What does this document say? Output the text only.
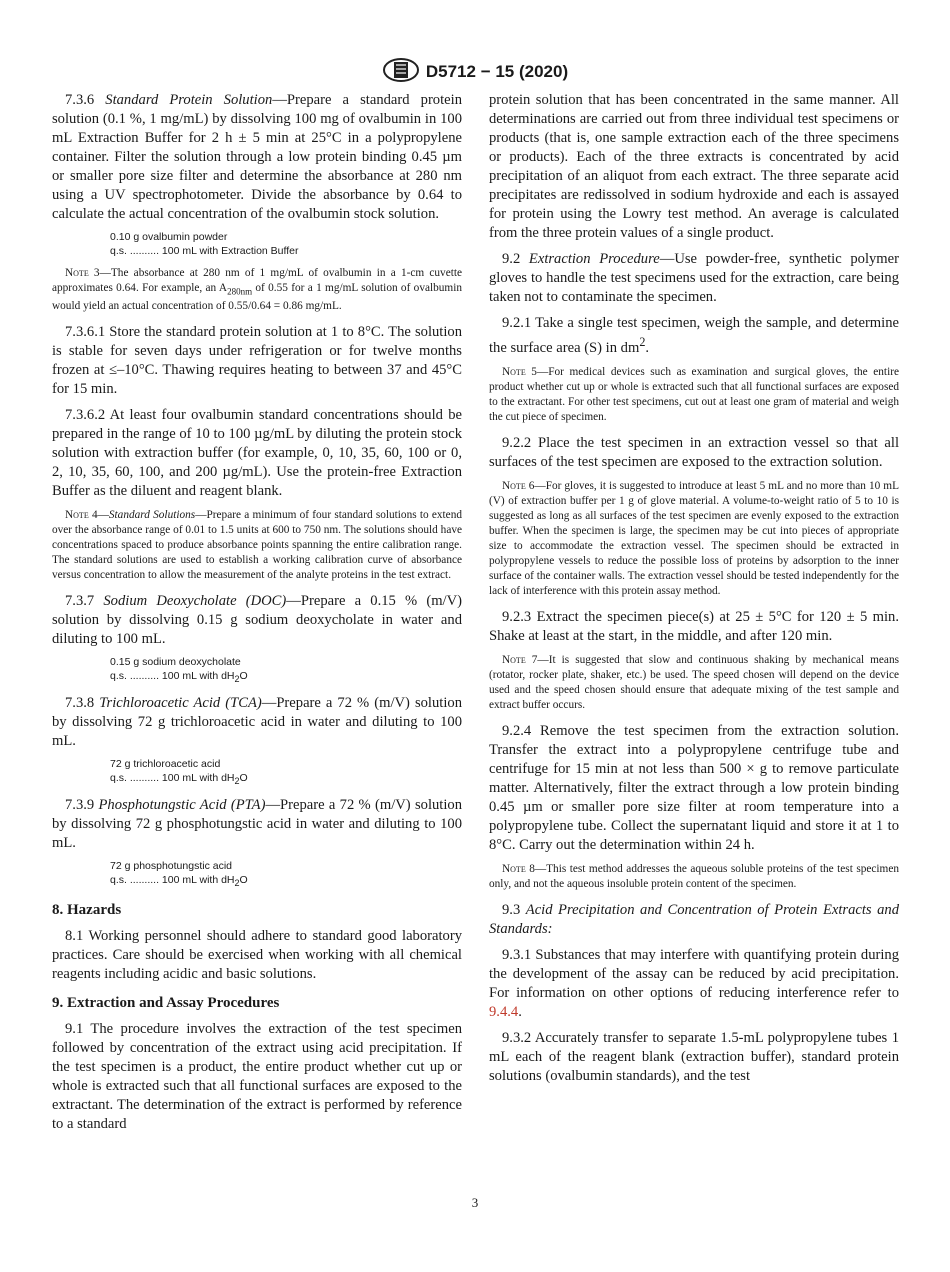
D5712 − 15 (2020)

7.3.6 Standard Protein Solution—Prepare a standard protein solution (0.1 %, 1 mg/mL) by dissolving 100 mg of ovalbumin in 100 mL Extraction Buffer for 2 h ± 5 min at 25°C in a polypropylene container. Filter the solution through a low protein binding 0.45 µm or smaller pore size filter and determine the absorbance at 280 nm using a UV spectrophotometer. Divide the absorbance by 0.64 to calculate the actual concentration of the ovalbumin stock solution.

0.10 g ovalbumin powder
q.s. .......... 100 mL with Extraction Buffer
Note 3—The absorbance at 280 nm of 1 mg/mL of ovalbumin in a 1-cm cuvette approximates 0.64. For example, an $A_{280nm}$ of 0.55 for a 1 mg/mL solution of ovalbumin would yield an actual concentration of 0.55/0.64 = 0.86 mg/mL.

7.3.6.1 Store the standard protein solution at 1 to 8°C. The solution is stable for seven days under refrigeration or for twelve months frozen at ≤–10°C. Thawing requires heating to between 37 and 45°C for 15 min.

7.3.6.2 At least four ovalbumin standard concentrations should be prepared in the range of 10 to 100 µg/mL by diluting the protein stock solution with extraction buffer (for example, 0, 10, 35, 60, 100 or 0, 2, 10, 35, 60, 100, and 200 µg/mL). Use the protein-free Extraction Buffer as the diluent and reagent blank.

Note 4—Standard Solutions—Prepare a minimum of four standard solutions to extend over the absorbance range of 0.01 to 1.5 units at 600 to 750 nm. The solutions should have concentrations spaced to produce absorbance points spanning the entire calibration range. The standard solutions are used to establish a working calibration curve of absorbance versus concentration to allow the measurement of the analyte proteins in the test extract.

7.3.7 Sodium Deoxycholate (DOC)—Prepare a 0.15 % (m/V) solution by dissolving 0.15 g sodium deoxycholate in water and diluting to 100 mL.

0.15 g sodium deoxycholate
q.s. .......... 100 mL with $dH_2O$

7.3.8 Trichloroacetic Acid (TCA)—Prepare a 72 % (m/V) solution by dissolving 72 g trichloroacetic acid in water and diluting to 100 mL.

72 g trichloroacetic acid
q.s. .......... 100 mL with $dH_2O$

7.3.9 Phosphotungstic Acid (PTA)—Prepare a 72 % (m/V) solution by dissolving 72 g phosphotungstic acid in water and diluting to 100 mL.

72 g phosphotungstic acid
q.s. .......... 100 mL with $dH_2O$
8. Hazards

8.1 Working personnel should adhere to standard good laboratory practices. Care should be exercised when working with all chemical reagents including acidic and basic solutions.

9. Extraction and Assay Procedures

9.1 The procedure involves the extraction of the test specimen followed by concentration of the extract using acid precipitation. If the test specimen is a product, the entire product whether cut up or whole is extracted such that all functional surfaces are exposed to the extractant. The determination of the extract is performed by reference to a standard

protein solution that has been concentrated in the same manner. All determinations are carried out from three individual test specimens or products (that is, one sample extraction each of the three specimens or products). Each of the three extracts is concentrated by acid precipitation of an aliquot from each extract. The three separate acid precipitates are redissolved in sodium hydroxide and each is assayed for protein using the Lowry test method. An average is calculated from the three protein values of a single product.

9.2 Extraction Procedure—Use powder-free, synthetic polymer gloves to handle the test specimens used for the extraction, care being taken not to contaminate the specimen.

9.2.1 Take a single test specimen, weigh the sample, and determine the surface area (S) in $dm^2$.

Note 5—For medical devices such as examination and surgical gloves, the entire product whether cut up or whole is extracted such that all functional surfaces are exposed to the extractant. For other test specimens, cut out at least one gram of material and weigh the cut piece of specimen.

9.2.2 Place the test specimen in an extraction vessel so that all surfaces of the test specimen are exposed to the extraction solution.

Note 6—For gloves, it is suggested to introduce at least 5 mL and no more than 10 mL (V) of extraction buffer per 1 g of glove material. A volume-to-weight ratio of 5 to 10 is suggested as long as all surfaces of the test specimen are evenly exposed to the extraction buffer. When the specimen is large, the specimen may be cut into pieces of appropriate size to accommodate the extraction vessel. The specimen should be extracted in polypropylene vessels to reduce the possible loss of proteins by adsorption to the inner surface of the container walls. The extraction vessel should be tested independently for the lack of interference with this protein assay method.

9.2.3 Extract the specimen piece(s) at 25 ± 5°C for 120 ± 5 min. Shake at least at the start, in the middle, and after 120 min.

Note 7—It is suggested that slow and continuous shaking by mechanical means (rotator, rocker plate, shaker, etc.) be used. The speed chosen will depend on the device used and the speed chosen should ensure that adequate mixing of the test sample and extract buffer occurs.

9.2.4 Remove the test specimen from the extraction solution. Transfer the extract into a polypropylene centrifuge tube and centrifuge for 15 min at not less than 500 × g to remove particulate matter. Alternatively, filter the extract through a low protein binding 0.45 µm or smaller pore size filter at room temperature into a polypropylene tube. Collect the supernatant liquid and store it at 1 to 8°C. Carry out the determination within 24 h.

Note 8—This test method addresses the aqueous soluble proteins of the test specimen only, and not the aqueous insoluble protein content of the specimen.

9.3 Acid Precipitation and Concentration of Protein Extracts and Standards:

9.3.1 Substances that may interfere with quantifying protein during the development of the assay can be reduced by acid precipitation. For information on other options of reducing interference refer to 9.4.4.

9.3.2 Accurately transfer to separate 1.5-mL polypropylene tubes 1 mL each of the reagent blank (extraction buffer), standard protein solutions (ovalbumin standards), and the test

3
